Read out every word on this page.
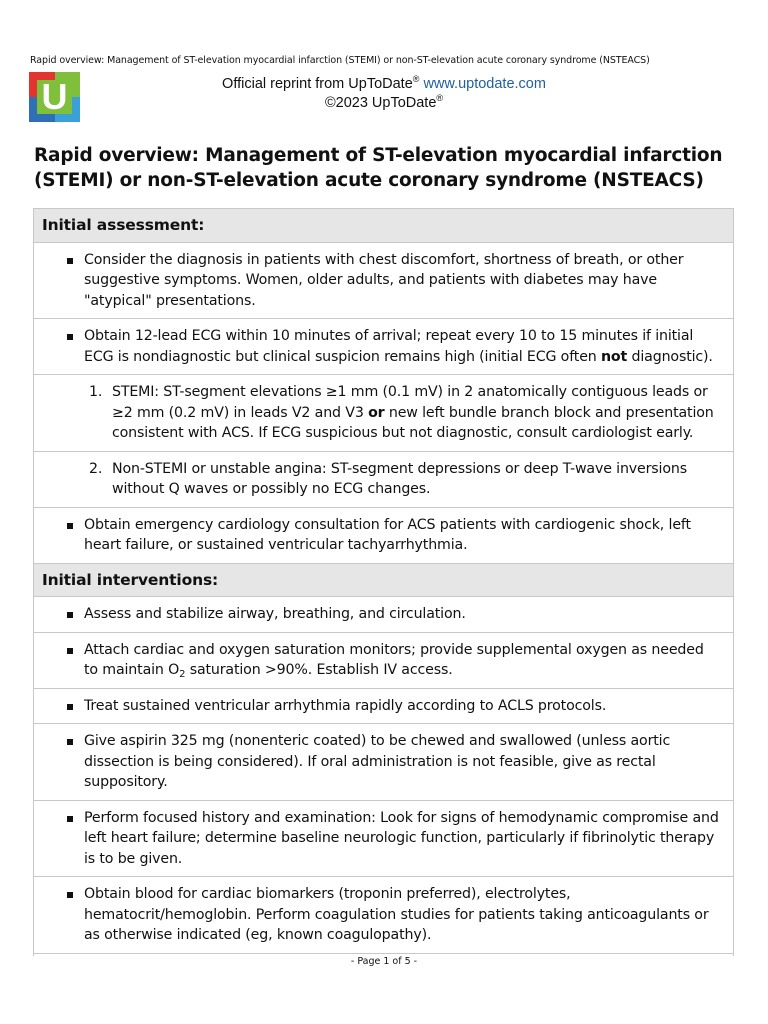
Rapid overview: Management of ST-elevation myocardial infarction (STEMI) or non-ST-elevation acute coronary syndrome (NSTEACS)
U	Official reprint from UpToDate® www.uptodate.com
©2023 UpToDate®
Rapid overview: Management of ST-elevation myocardial infarction (STEMI) or non-ST-elevation acute coronary syndrome (NSTEACS)
Initial assessment:

Consider the diagnosis in patients with chest discomfort, shortness of breath, or other suggestive symptoms. Women, older adults, and patients with diabetes may have "atypical" presentations.

Obtain 12-lead ECG within 10 minutes of arrival; repeat every 10 to 15 minutes if initial ECG is nondiagnostic but clinical suspicion remains high (initial ECG often not diagnostic).

1. STEMI: ST-segment elevations ≥1 mm (0.1 mV) in 2 anatomically contiguous leads or ≥2 mm (0.2 mV) in leads V2 and V3 or new left bundle branch block and presentation consistent with ACS. If ECG suspicious but not diagnostic, consult cardiologist early.

2. Non-STEMI or unstable angina: ST-segment depressions or deep T-wave inversions without Q waves or possibly no ECG changes.

Obtain emergency cardiology consultation for ACS patients with cardiogenic shock, left heart failure, or sustained ventricular tachyarrhythmia.

Initial interventions:

Assess and stabilize airway, breathing, and circulation.

Attach cardiac and oxygen saturation monitors; provide supplemental oxygen as needed to maintain $O_2$ saturation >90%. Establish IV access.

Treat sustained ventricular arrhythmia rapidly according to ACLS protocols.

Give aspirin 325 mg (nonenteric coated) to be chewed and swallowed (unless aortic dissection is being considered). If oral administration is not feasible, give as rectal suppository.

Perform focused history and examination: Look for signs of hemodynamic compromise and left heart failure; determine baseline neurologic function, particularly if fibrinolytic therapy is to be given.

Obtain blood for cardiac biomarkers (troponin preferred), electrolytes, hematocrit/hemoglobin. Perform coagulation studies for patients taking anticoagulants or as otherwise indicated (eg, known coagulopathy).

- Page 1 of 5 -
